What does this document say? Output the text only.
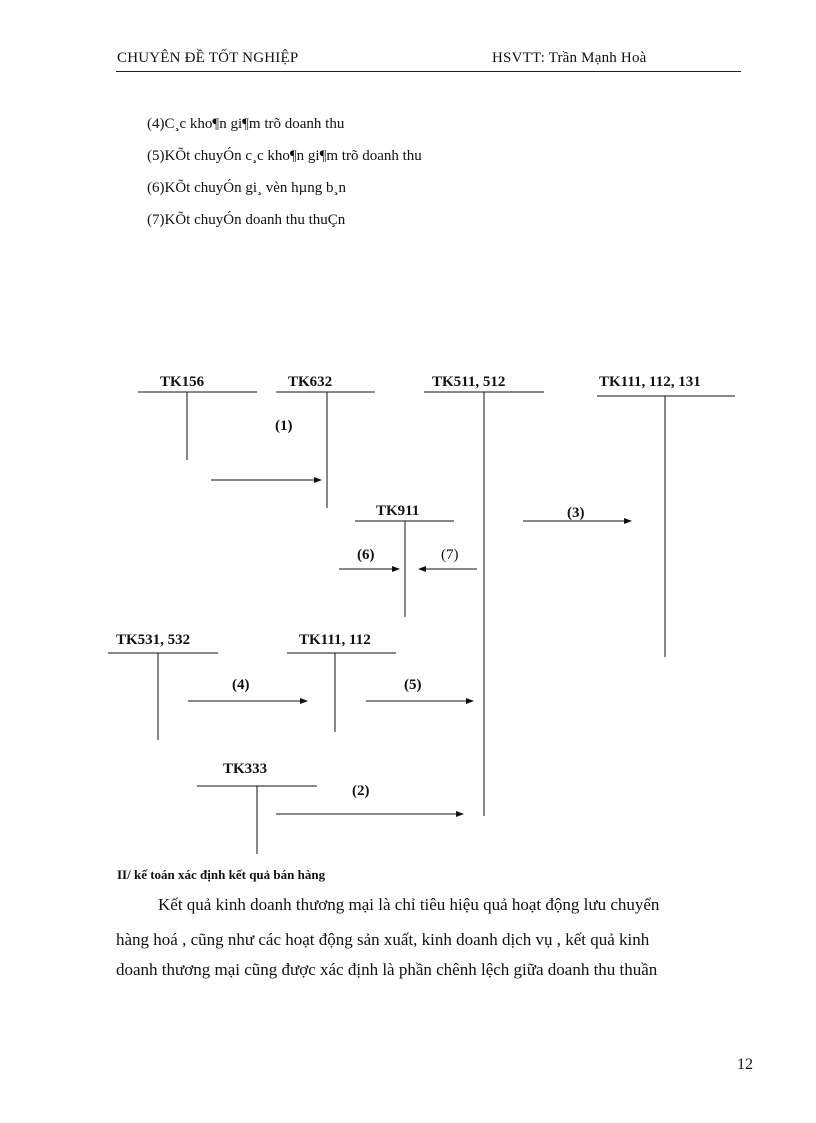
CHUYÊN ĐỀ TỐT NGHIỆP	HSVTT: Trần Mạnh Hoà
(4)C¸c kho¶n gi¶m trõ doanh thu
(5)KÕt chuyÓn c¸c kho¶n gi¶m trõ doanh thu
(6)KÕt chuyÓn gi¸ vèn hµng b¸n
(7)KÕt chuyÓn doanh thu thuÇn
TK156	TK632	TK511, 512	TK111, 112, 131
TK911
TK531, 532	TK111, 112
TK333
(1)
(3)
(6)	(7)
(4)	(5)
(2)
II/ kế toán xác định kết quả bán hàng
Kết quả kinh doanh thương mại là chỉ tiêu hiệu quả hoạt động lưu chuyển
hàng hoá , cũng như các hoạt động sản xuất, kinh doanh dịch vụ , kết quả kinh
doanh thương mại cũng được xác định là phần chênh lệch giữa doanh thu thuần
12
